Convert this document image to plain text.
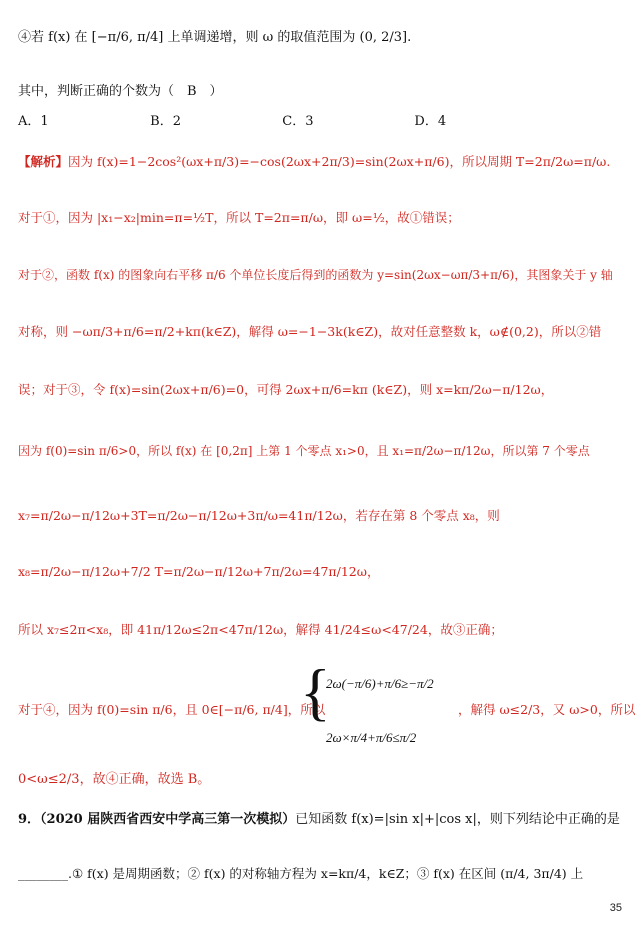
④若 f(x) 在 [−π/6, π/4] 上单调递增，则 ω 的取值范围为 (0, 2/3].
其中，判断正确的个数为（　B　）
A．1	B．2	C．3	D．4
【解析】因为 f(x)=1−2cos²(ωx+π/3)=−cos(2ωx+2π/3)=sin(2ωx+π/6)，所以周期 T=2π/2ω=π/ω.
对于①，因为 |x₁−x₂|min=π=½T，所以 T=2π=π/ω，即 ω=½，故①错误；
对于②，函数 f(x) 的图象向右平移 π/6 个单位长度后得到的函数为 y=sin(2ωx−ωπ/3+π/6)，其图象关于 y 轴
对称，则 −ωπ/3+π/6=π/2+kπ(k∈Z)，解得 ω=−1−3k(k∈Z)，故对任意整数 k，ω∉(0,2)，所以②错
误；对于③，令 f(x)=sin(2ωx+π/6)=0，可得 2ωx+π/6=kπ (k∈Z)，则 x=kπ/2ω−π/12ω，
因为 f(0)=sin π/6>0，所以 f(x) 在 [0,2π] 上第 1 个零点 x₁>0，且 x₁=π/2ω−π/12ω，所以第 7 个零点
x₇=π/2ω−π/12ω+3T=π/2ω−π/12ω+3π/ω=41π/12ω，若存在第 8 个零点 x₈，则
x₈=π/2ω−π/12ω+7/2 T=π/2ω−π/12ω+7π/2ω=47π/12ω，
所以 x₇≤2π<x₈，即 41π/12ω≤2π<47π/12ω，解得 41/24≤ω<47/24，故③正确；
对于④，因为 f(0)=sin π/6，且 0∈[−π/6, π/4]，所以
{
2ω(−π/6)+π/6≥−π/2
2ω×π/4+π/6≤π/2
，解得 ω≤2/3，又 ω>0，所以
0<ω≤2/3，故④正确，故选 B。
9．（2020 届陕西省西安中学高三第一次模拟）已知函数 f(x)=|sin x|+|cos x|，则下列结论中正确的是
________.① f(x) 是周期函数；② f(x) 的对称轴方程为 x=kπ/4，k∈Z；③ f(x) 在区间 (π/4, 3π/4) 上
35
